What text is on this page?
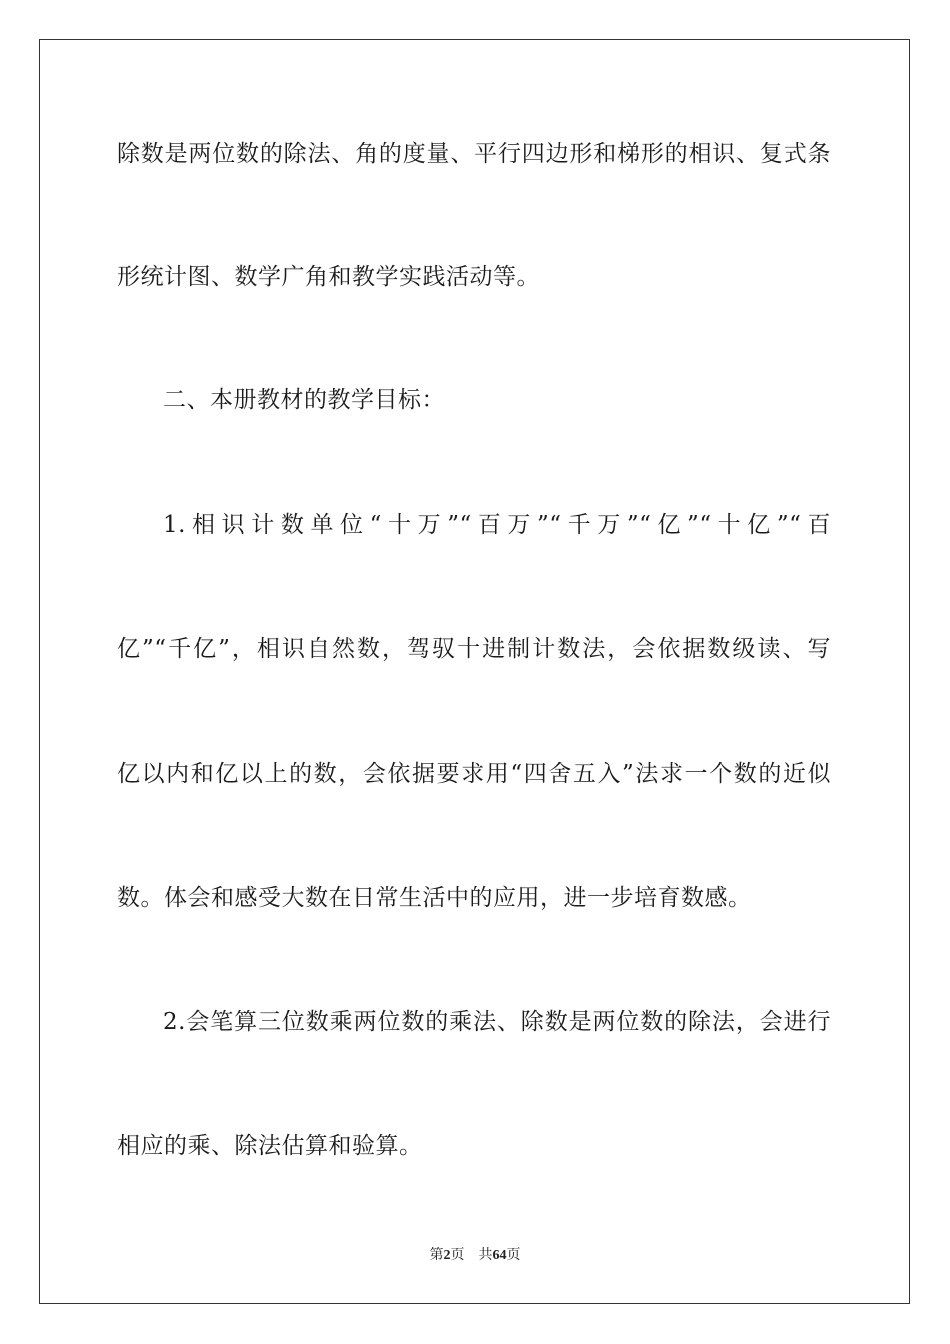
除数是两位数的除法、角的度量、平行四边形和梯形的相识、复式条
形统计图、数学广角和教学实践活动等。
二、本册教材的教学目标：
1.相识计数单位“十万”“百万”“千万”“亿”“十亿”“百
亿”“千亿”，相识自然数，驾驭十进制计数法，会依据数级读、写
亿以内和亿以上的数，会依据要求用“四舍五入”法求一个数的近似
数。体会和感受大数在日常生活中的应用，进一步培育数感。
2.会笔算三位数乘两位数的乘法、除数是两位数的除法，会进行
相应的乘、除法估算和验算。
第2页 共64页
